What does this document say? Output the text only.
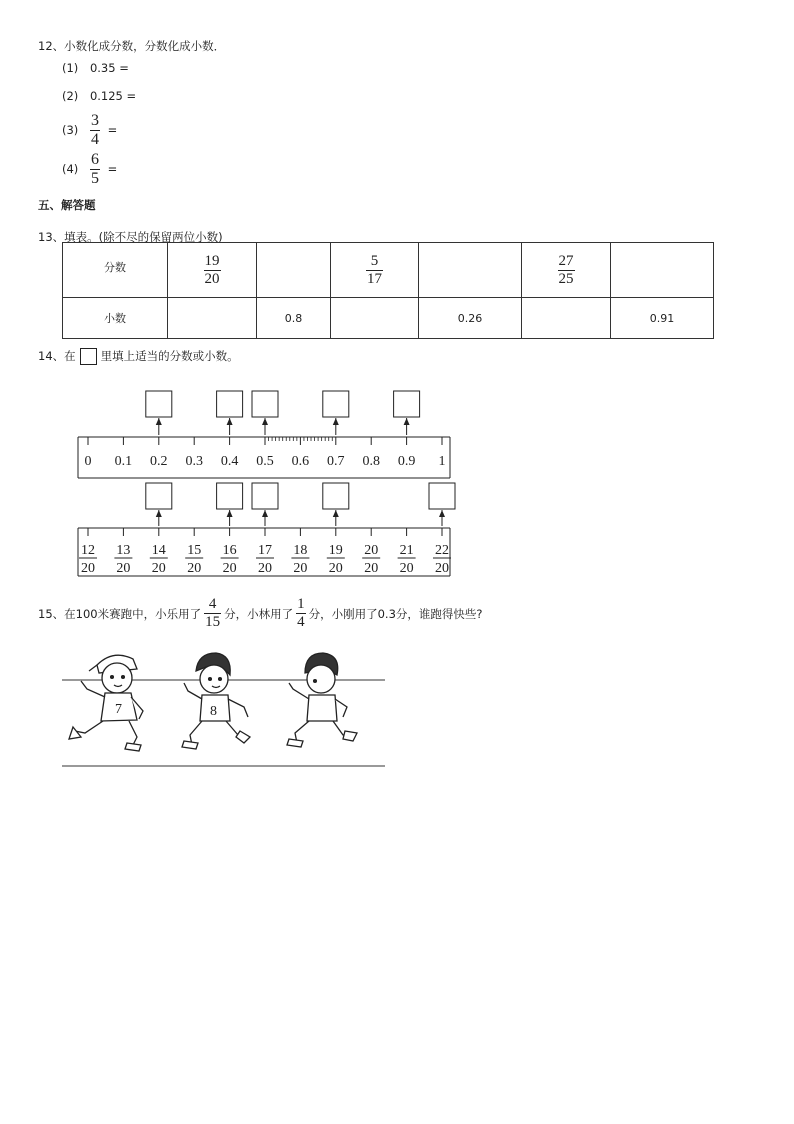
12、小数化成分数，分数化成小数．
(1) 0.35 =
(2) 0.125 =
$(3) \frac{3}{4}$ =
$(4) \frac{6}{5}$ =
五、解答题
13、填表。(除不尽的保留两位小数)
分数	$\frac{19}{20}$		$\frac{5}{17}$		$\frac{27}{25}$

小数		0.8		0.26		0.91
14、在 里填上适当的分数或小数。
0 0.1 0.2 0.3 0.4 0.5 0.6 0.7 0.8 0.9 1
12
20
13
20
14
20
15
20
16
20
17
20
18
20
19
20
20
20
21
20
22
20
15、在100米赛跑中，小乐用了 $\frac{4}{15}$ 分，小林用了 $\frac{1}{4}$ 分，小刚用了0.3分，谁跑得快些?
7	8
